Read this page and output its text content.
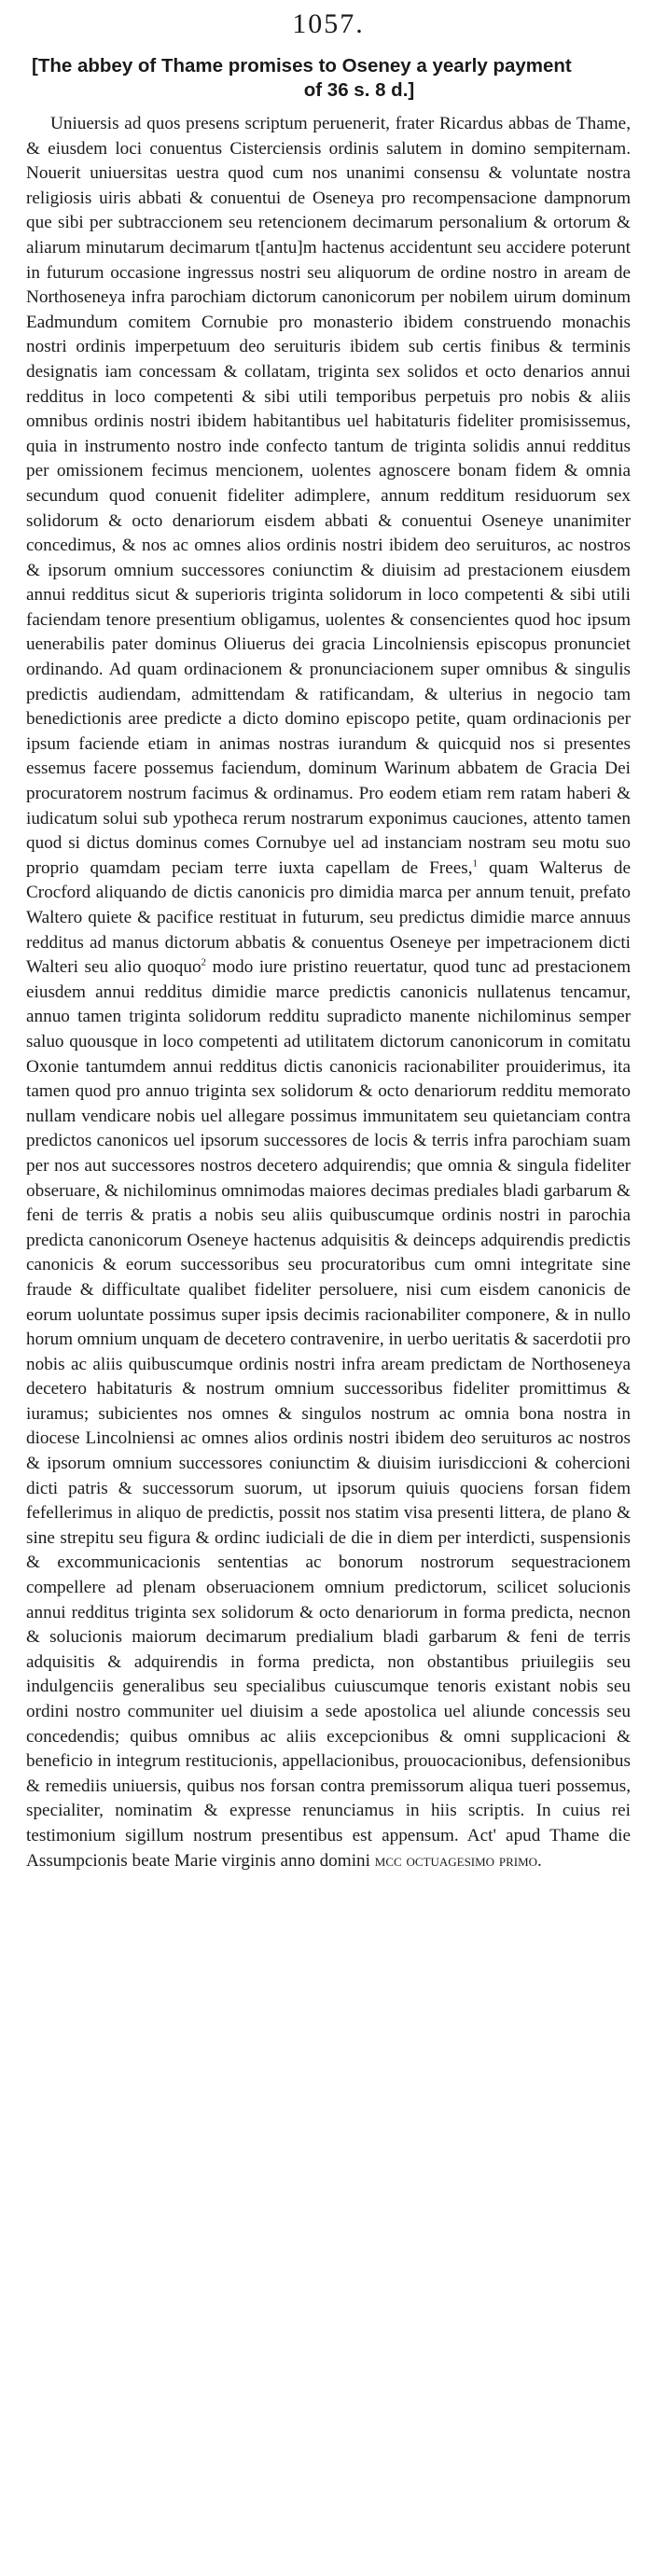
1057.
[The abbey of Thame promises to Oseney a yearly payment
of 36 s. 8 d.]

Uniuersis ad quos presens scriptum peruenerit, frater Ricardus abbas de Thame, & eiusdem loci conuentus Cisterciensis ordinis salutem in domino sempiternam. Nouerit uniuersitas uestra quod cum nos unanimi consensu & voluntate nostra religiosis uiris abbati & conuentui de Oseneya pro recompensacione dampnorum que sibi per subtraccionem seu retencionem decimarum personalium & ortorum & aliarum minutarum decimarum t[antu]m hactenus accidentunt seu accidere poterunt in futurum occasione ingressus nostri seu aliquorum de ordine nostro in aream de Northoseneya infra parochiam dictorum canonicorum per nobilem uirum dominum Eadmundum comitem Cornubie pro monasterio ibidem construendo monachis nostri ordinis imperpetuum deo seruituris ibidem sub certis finibus & terminis designatis iam concessam & collatam, triginta sex solidos et octo denarios annui redditus in loco competenti & sibi utili temporibus perpetuis pro nobis & aliis omnibus ordinis nostri ibidem habitantibus uel habitaturis fideliter promisissemus, quia in instrumento nostro inde confecto tantum de triginta solidis annui redditus per omissionem fecimus mencionem, uolentes agnoscere bonam fidem & omnia secundum quod conuenit fideliter adimplere, annum redditum residuorum sex solidorum & octo denariorum eisdem abbati & conuentui Oseneye unanimiter concedimus, & nos ac omnes alios ordinis nostri ibidem deo seruituros, ac nostros & ipsorum omnium successores coniunctim & diuisim ad prestacionem eiusdem annui redditus sicut & superioris triginta solidorum in loco competenti & sibi utili faciendam tenore presentium obligamus, uolentes & consencientes quod hoc ipsum uenerabilis pater dominus Oliuerus dei gracia Lincolniensis episcopus pronunciet ordinando. Ad quam ordinacionem & pronunciacionem super omnibus & singulis predictis audiendam, admittendam & ratificandam, & ulterius in negocio tam benedictionis aree predicte a dicto domino episcopo petite, quam ordinacionis per ipsum faciende etiam in animas nostras iurandum & quicquid nos si presentes essemus facere possemus faciendum, dominum Warinum abbatem de Gracia Dei procuratorem nostrum facimus & ordinamus. Pro eodem etiam rem ratam haberi & iudicatum solui sub ypotheca rerum nostrarum exponimus cauciones, attento tamen quod si dictus dominus comes Cornubye uel ad instanciam nostram seu motu suo proprio quamdam peciam terre iuxta capellam de Frees,$^1$ quam Walterus de Crocford aliquando de dictis canonicis pro dimidia marca per annum tenuit, prefato Waltero quiete & pacifice restituat in futurum, seu predictus dimidie marce annuus redditus ad manus dictorum abbatis & conuentus Oseneye per impetracionem dicti Walteri seu alio quoquo$^2$ modo iure pristino reuertatur, quod tunc ad prestacionem eiusdem annui redditus dimidie marce predictis canonicis nullatenus tencamur, annuo tamen triginta solidorum redditu supradicto manente nichilominus semper saluo quousque in loco competenti ad utilitatem dictorum canonicorum in comitatu Oxonie tantumdem annui redditus dictis canonicis racionabiliter prouiderimus, ita tamen quod pro annuo triginta sex solidorum & octo denariorum redditu memorato nullam vendicare nobis uel allegare possimus immunitatem seu quietanciam contra predictos canonicos uel ipsorum successores de locis & terris infra parochiam suam per nos aut successores nostros decetero adquirendis; que omnia & singula fideliter obseruare, & nichilominus omnimodas maiores decimas prediales bladi garbarum & feni de terris & pratis a nobis seu aliis quibuscumque ordinis nostri in parochia predicta canonicorum Oseneye hactenus adquisitis & deinceps adquirendis predictis canonicis & eorum successoribus seu procuratoribus cum omni integritate sine fraude & difficultate qualibet fideliter persoluere, nisi cum eisdem canonicis de eorum uoluntate possimus super ipsis decimis racionabiliter componere, & in nullo horum omnium unquam de decetero contravenire, in uerbo ueritatis & sacerdotii pro nobis ac aliis quibuscumque ordinis nostri infra aream predictam de Northoseneya decetero habitaturis & nostrum omnium successoribus fideliter promittimus & iuramus; subicientes nos omnes & singulos nostrum ac omnia bona nostra in diocese Lincolniensi ac omnes alios ordinis nostri ibidem deo seruituros ac nostros & ipsorum omnium successores coniunctim & diuisim iurisdiccioni & cohercioni dicti patris & successorum suorum, ut ipsorum quiuis quociens forsan fidem fefellerimus in aliquo de predictis, possit nos statim visa presenti littera, de plano & sine strepitu seu figura & ordinc iudiciali de die in diem per interdicti, suspensionis & excommunicacionis sententias ac bonorum nostrorum sequestracionem compellere ad plenam obseruacionem omnium predictorum, scilicet solucionis annui redditus triginta sex solidorum & octo denariorum in forma predicta, necnon & solucionis maiorum decimarum predialium bladi garbarum & feni de terris adquisitis & adquirendis in forma predicta, non obstantibus priuilegiis seu indulgenciis generalibus seu specialibus cuiuscumque tenoris existant nobis seu ordini nostro communiter uel diuisim a sede apostolica uel aliunde concessis seu concedendis; quibus omnibus ac aliis excepcionibus & omni supplicacioni & beneficio in integrum restitucionis, appellacionibus, prouocacionibus, defensionibus & remediis uniuersis, quibus nos forsan contra premissorum aliqua tueri possemus, specialiter, nominatim & expresse renunciamus in hiis scriptis. In cuius rei testimonium sigillum nostrum presentibus est appensum. Act' apud Thame die Assumpcionis beate Marie virginis anno domini mcc octuagesimo primo.
